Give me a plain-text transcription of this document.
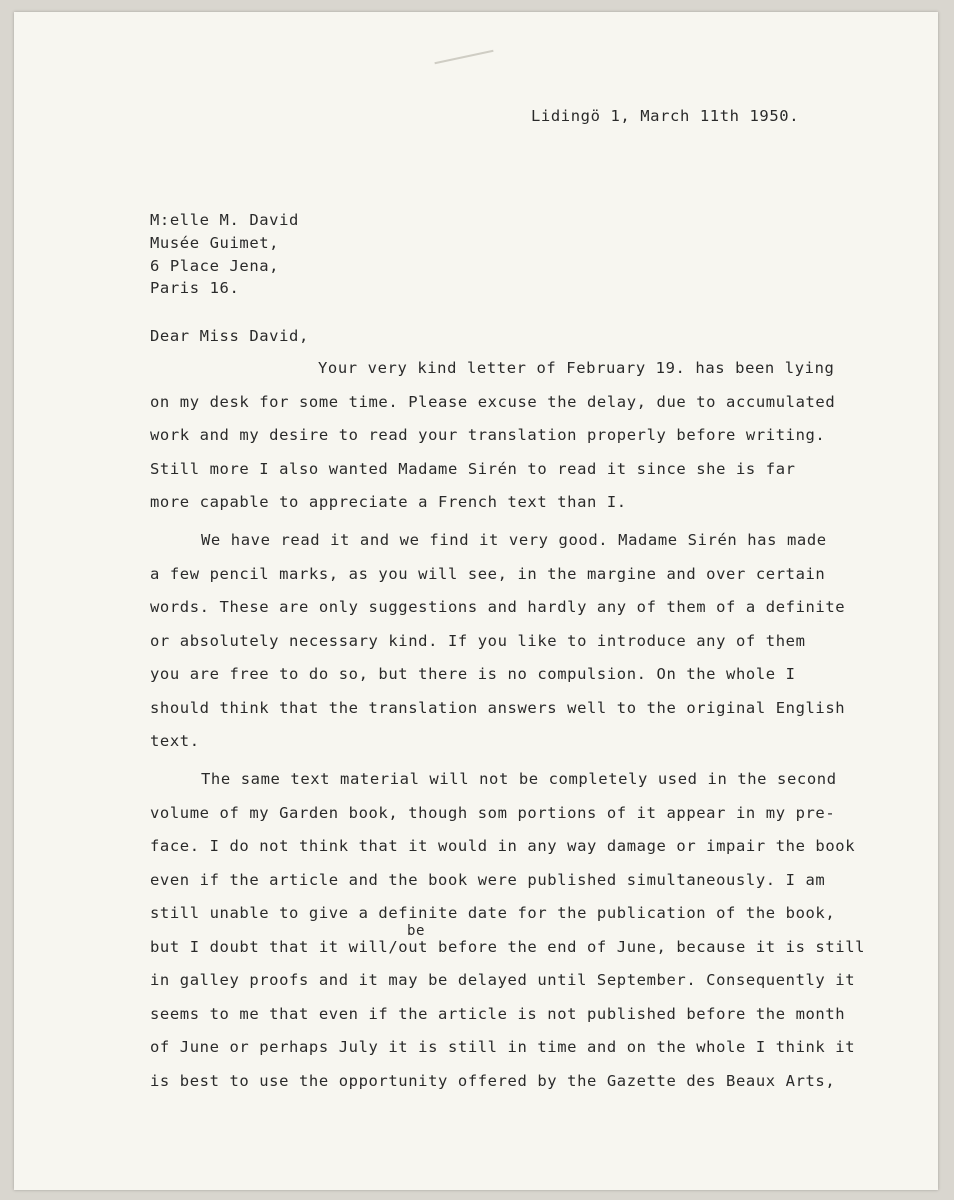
Lidingö 1, March 11th 1950.
M:elle M. David
Musée Guimet,
6 Place Jena,
Paris 16.
Dear Miss David,
Your very kind letter of February 19. has been lying
on my desk for some time. Please excuse the delay, due to accumulated
work and my desire to read your translation properly before writing.
Still more I also wanted Madame Sirén to read it since she is far
more capable to appreciate a French text than I.
We have read it and we find it very good. Madame Sirén has made
a few pencil marks, as you will see, in the margine and over certain
words. These are only suggestions and hardly any of them of a definite
or absolutely necessary kind. If you like to introduce any of them
you are free to do so, but there is no compulsion. On the whole I
should think that the translation answers well to the original English
text.
The same text material will not be completely used in the second
volume of my Garden book, though som portions of it appear in my pre-
face. I do not think that it would in any way damage or impair the book
even if the article and the book were published simultaneously. I am
still unable to give a definite date for the publication of the book,
be
but I doubt that it will/out before the end of June, because it is still
in galley proofs and it may be delayed until September. Consequently it
seems to me that even if the article is not published before the month
of June or perhaps July it is still in time and on the whole I think it
is best to use the opportunity offered by the Gazette des Beaux Arts,
